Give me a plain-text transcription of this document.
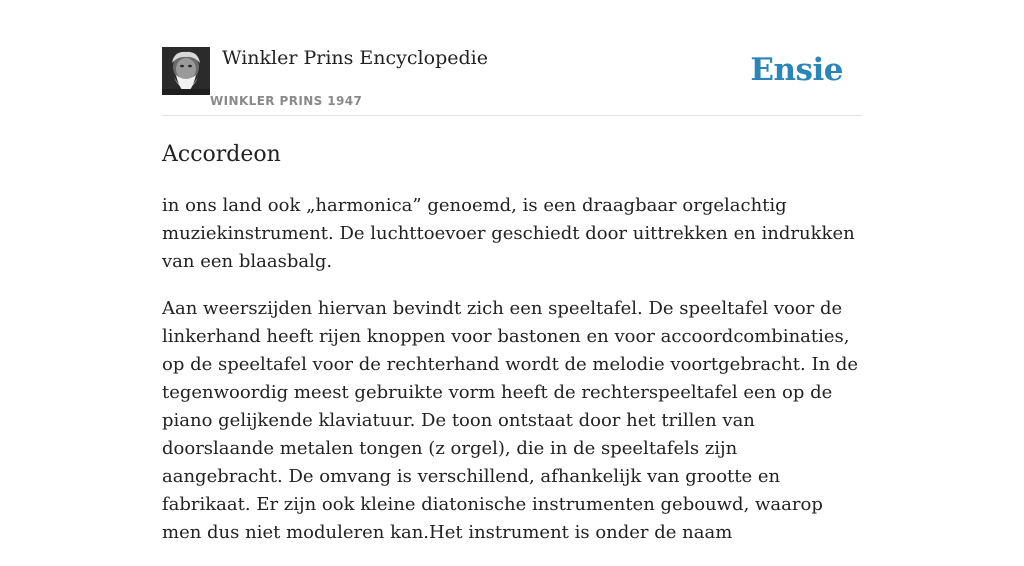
Winkler Prins Encyclopedie
WINKLER PRINS 1947
Ensie
Accordeon

in ons land ook „harmonica” genoemd, is een draagbaar orgelachtig muziekinstrument. De luchttoevoer geschiedt door uittrekken en indrukken van een blaasbalg.

Aan weerszijden hiervan bevindt zich een speeltafel. De speeltafel voor de linkerhand heeft rijen knoppen voor bastonen en voor accoordcombinaties, op de speeltafel voor de rechterhand wordt de melodie voortgebracht. In de tegenwoordig meest gebruikte vorm heeft de rechterspeeltafel een op de piano gelijkende klaviatuur. De toon ontstaat door het trillen van doorslaande metalen tongen (z orgel), die in de speeltafels zijn aangebracht. De omvang is verschillend, afhankelijk van grootte en fabrikaat. Er zijn ook kleine diatonische instrumenten gebouwd, waarop men dus niet moduleren kan.Het instrument is onder de naam
